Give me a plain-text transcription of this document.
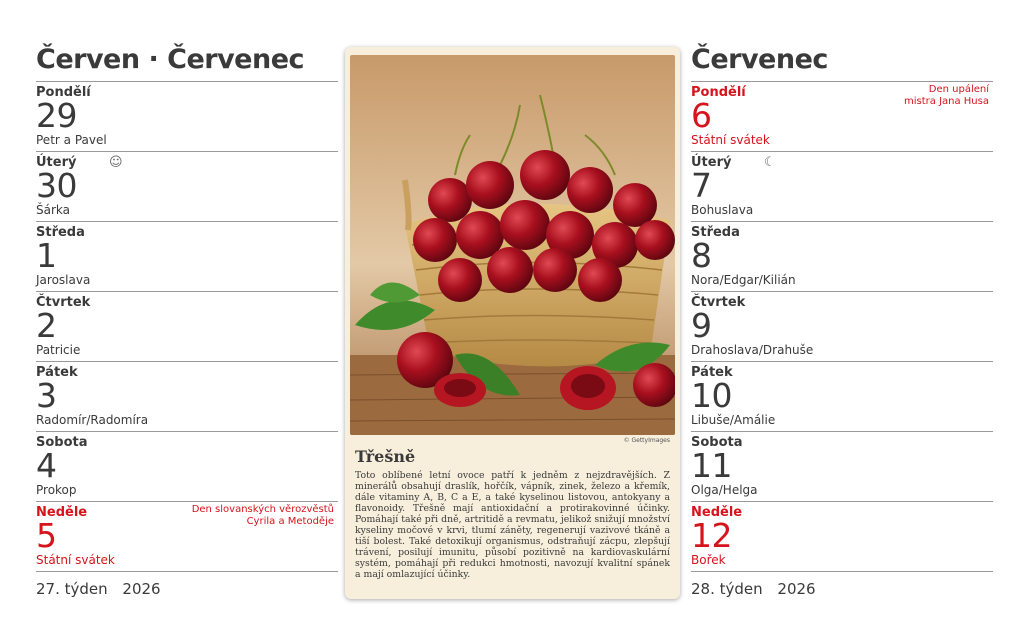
Červen · Červenec
Pondělí
29
Petr a Pavel
Úterý	☺
30
Šárka
Středa
1
Jaroslava
Čtvrtek
2
Patricie
Pátek
3
Radomír/Radomíra
Sobota
4
Prokop
Neděle
5
Státní svátek
Den slovanských věrozvěstů
Cyrila a Metoděje
27. týden 2026
© GettyImages
Třešně
Toto oblíbené letní ovoce patří k jedněm z nejzdravějších. Z minerálů obsahují draslík, hořčík, vápník, zinek, železo a křemík, dále vitaminy A, B, C a E, a také kyselinou listovou, antokyany a flavonoidy. Třešně mají antioxidační a protirakovinné účinky. Pomáhají také při dně, artritidě a revmatu, jelikož snižují množství kyseliny močové v krvi, tlumí záněty, regenerují vazivové tkáně a tiší bolest. Také detoxikují organismus, odstraňují zácpu, zlepšují trávení, posilují imunitu, působí pozitivně na kardiovaskulární systém, pomáhají při redukci hmotnosti, navozují kvalitní spánek a mají omlazující účinky.
Červenec
Pondělí
6
Státní svátek
Den upálení
mistra Jana Husa
Úterý	☾
7
Bohuslava
Středa
8
Nora/Edgar/Kilián
Čtvrtek
9
Drahoslava/Drahuše
Pátek
10
Libuše/Amálie
Sobota
11
Olga/Helga
Neděle
12
Bořek
28. týden 2026
